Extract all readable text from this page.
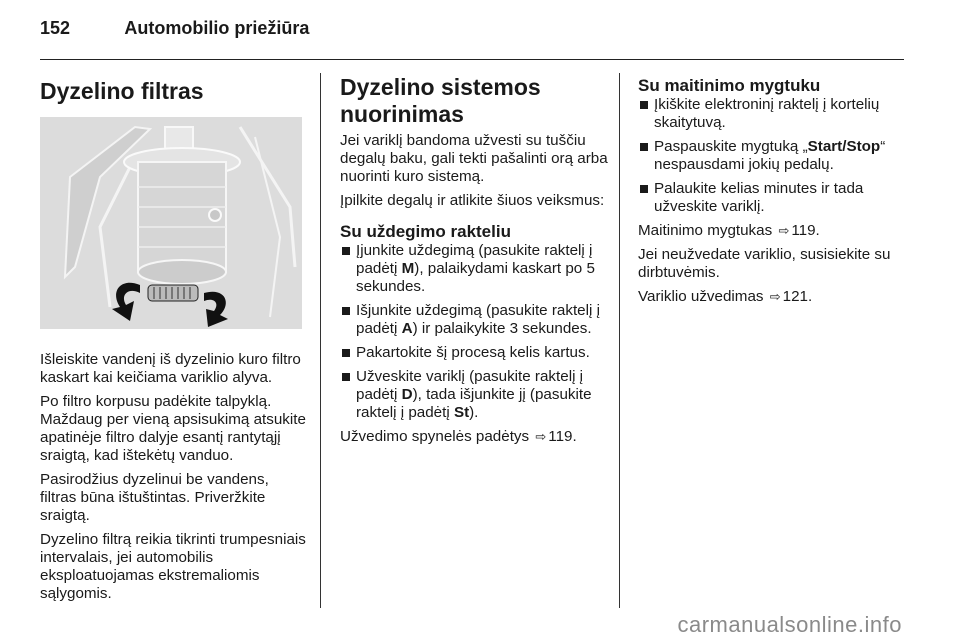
152	Automobilio priežiūra
Dyzelino filtras

Išleiskite vandenį iš dyzelinio kuro filtro kaskart kai keičiama variklio alyva.

Po filtro korpusu padėkite talpyklą. Maždaug per vieną apsisukimą atsukite apatinėje filtro dalyje esantį rantytąjį sraigtą, kad ištekėtų vanduo.

Pasirodžius dyzelinui be vandens, filtras būna ištuštintas. Priveržkite sraigtą.

Dyzelino filtrą reikia tikrinti trumpesniais intervalais, jei automobilis eksploatuojamas ekstremaliomis sąlygomis.

Dyzelino sistemos nuorinimas

Jei variklį bandoma užvesti su tuščiu degalų baku, gali tekti pašalinti orą arba nuorinti kuro sistemą.

Įpilkite degalų ir atlikite šiuos veiksmus:

Su uždegimo rakteliu
Įjunkite uždegimą (pasukite raktelį į padėtį M), palaikydami kaskart po 5 sekundes.
Išjunkite uždegimą (pasukite raktelį į padėtį A) ir palaikykite 3 sekundes.
Pakartokite šį procesą kelis kartus.
Užveskite variklį (pasukite raktelį į padėtį D), tada išjunkite jį (pasukite raktelį į padėtį St).

Užvedimo spynelės padėtys ⇨ 119.

Su maitinimo mygtuku
Įkiškite elektroninį raktelį į kortelių skaitytuvą.
Paspauskite mygtuką „Start/Stop“ nespausdami jokių pedalų.
Palaukite kelias minutes ir tada užveskite variklį.

Maitinimo mygtukas ⇨ 119.

Jei neužvedate variklio, susisiekite su dirbtuvėmis.

Variklio užvedimas ⇨ 121.

carmanualsonline.info
